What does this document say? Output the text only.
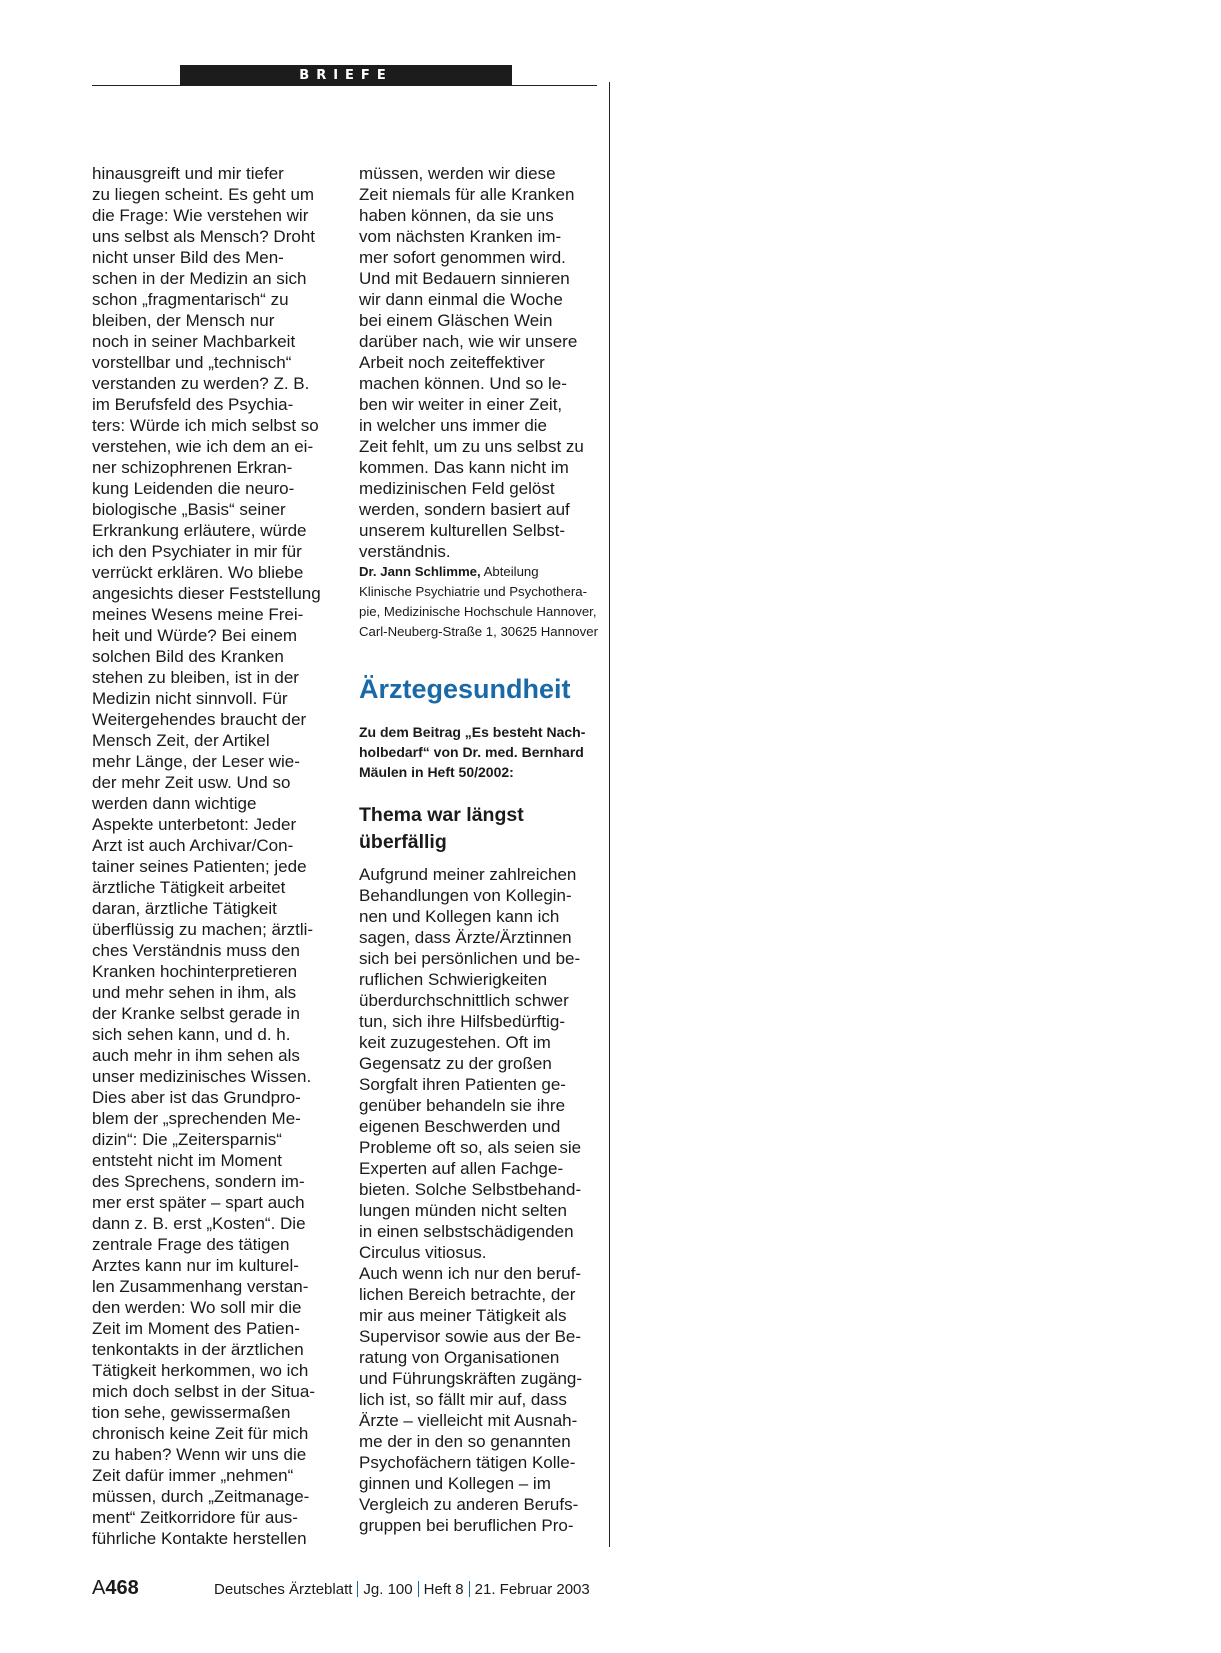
BRIEFE
hinausgreift und mir tiefer
zu liegen scheint. Es geht um
die Frage: Wie verstehen wir
uns selbst als Mensch? Droht
nicht unser Bild des Men-
schen in der Medizin an sich
schon „fragmentarisch“ zu
bleiben, der Mensch nur
noch in seiner Machbarkeit
vorstellbar und „technisch“
verstanden zu werden? Z. B.
im Berufsfeld des Psychia-
ters: Würde ich mich selbst so
verstehen, wie ich dem an ei-
ner schizophrenen Erkran-
kung Leidenden die neuro-
biologische „Basis“ seiner
Erkrankung erläutere, würde
ich den Psychiater in mir für
verrückt erklären. Wo bliebe
angesichts dieser Feststellung
meines Wesens meine Frei-
heit und Würde? Bei einem
solchen Bild des Kranken
stehen zu bleiben, ist in der
Medizin nicht sinnvoll. Für
Weitergehendes braucht der
Mensch Zeit, der Artikel
mehr Länge, der Leser wie-
der mehr Zeit usw. Und so
werden dann wichtige
Aspekte unterbetont: Jeder
Arzt ist auch Archivar/Con-
tainer seines Patienten; jede
ärztliche Tätigkeit arbeitet
daran, ärztliche Tätigkeit
überflüssig zu machen; ärztli-
ches Verständnis muss den
Kranken hochinterpretieren
und mehr sehen in ihm, als
der Kranke selbst gerade in
sich sehen kann, und d. h.
auch mehr in ihm sehen als
unser medizinisches Wissen.
Dies aber ist das Grundpro-
blem der „sprechenden Me-
dizin“: Die „Zeitersparnis“
entsteht nicht im Moment
des Sprechens, sondern im-
mer erst später – spart auch
dann z. B. erst „Kosten“. Die
zentrale Frage des tätigen
Arztes kann nur im kulturel-
len Zusammenhang verstan-
den werden: Wo soll mir die
Zeit im Moment des Patien-
tenkontakts in der ärztlichen
Tätigkeit herkommen, wo ich
mich doch selbst in der Situa-
tion sehe, gewissermaßen
chronisch keine Zeit für mich
zu haben? Wenn wir uns die
Zeit dafür immer „nehmen“
müssen, durch „Zeitmanage-
ment“ Zeitkorridore für aus-
führliche Kontakte herstellen
müssen, werden wir diese
Zeit niemals für alle Kranken
haben können, da sie uns
vom nächsten Kranken im-
mer sofort genommen wird.
Und mit Bedauern sinnieren
wir dann einmal die Woche
bei einem Gläschen Wein
darüber nach, wie wir unsere
Arbeit noch zeiteffektiver
machen können. Und so le-
ben wir weiter in einer Zeit,
in welcher uns immer die
Zeit fehlt, um zu uns selbst zu
kommen. Das kann nicht im
medizinischen Feld gelöst
werden, sondern basiert auf
unserem kulturellen Selbst-
verständnis.
Dr. Jann Schlimme, Abteilung
Klinische Psychiatrie und Psychothera-
pie, Medizinische Hochschule Hannover,
Carl-Neuberg-Straße 1, 30625 Hannover
Ärztegesundheit
Zu dem Beitrag „Es besteht Nach-
holbedarf“ von Dr. med. Bernhard
Mäulen in Heft 50/2002:
Thema war längst
überfällig
Aufgrund meiner zahlreichen
Behandlungen von Kollegin-
nen und Kollegen kann ich
sagen, dass Ärzte/Ärztinnen
sich bei persönlichen und be-
ruflichen Schwierigkeiten
überdurchschnittlich schwer
tun, sich ihre Hilfsbedürftig-
keit zuzugestehen. Oft im
Gegensatz zu der großen
Sorgfalt ihren Patienten ge-
genüber behandeln sie ihre
eigenen Beschwerden und
Probleme oft so, als seien sie
Experten auf allen Fachge-
bieten. Solche Selbstbehand-
lungen münden nicht selten
in einen selbstschädigenden
Circulus vitiosus.
Auch wenn ich nur den beruf-
lichen Bereich betrachte, der
mir aus meiner Tätigkeit als
Supervisor sowie aus der Be-
ratung von Organisationen
und Führungskräften zugäng-
lich ist, so fällt mir auf, dass
Ärzte – vielleicht mit Ausnah-
me der in den so genannten
Psychofächern tätigen Kolle-
ginnen und Kollegen – im
Vergleich zu anderen Berufs-
gruppen bei beruflichen Pro-
A468	Deutsches Ärzteblatt Jg. 100 Heft 8 21. Februar 2003
